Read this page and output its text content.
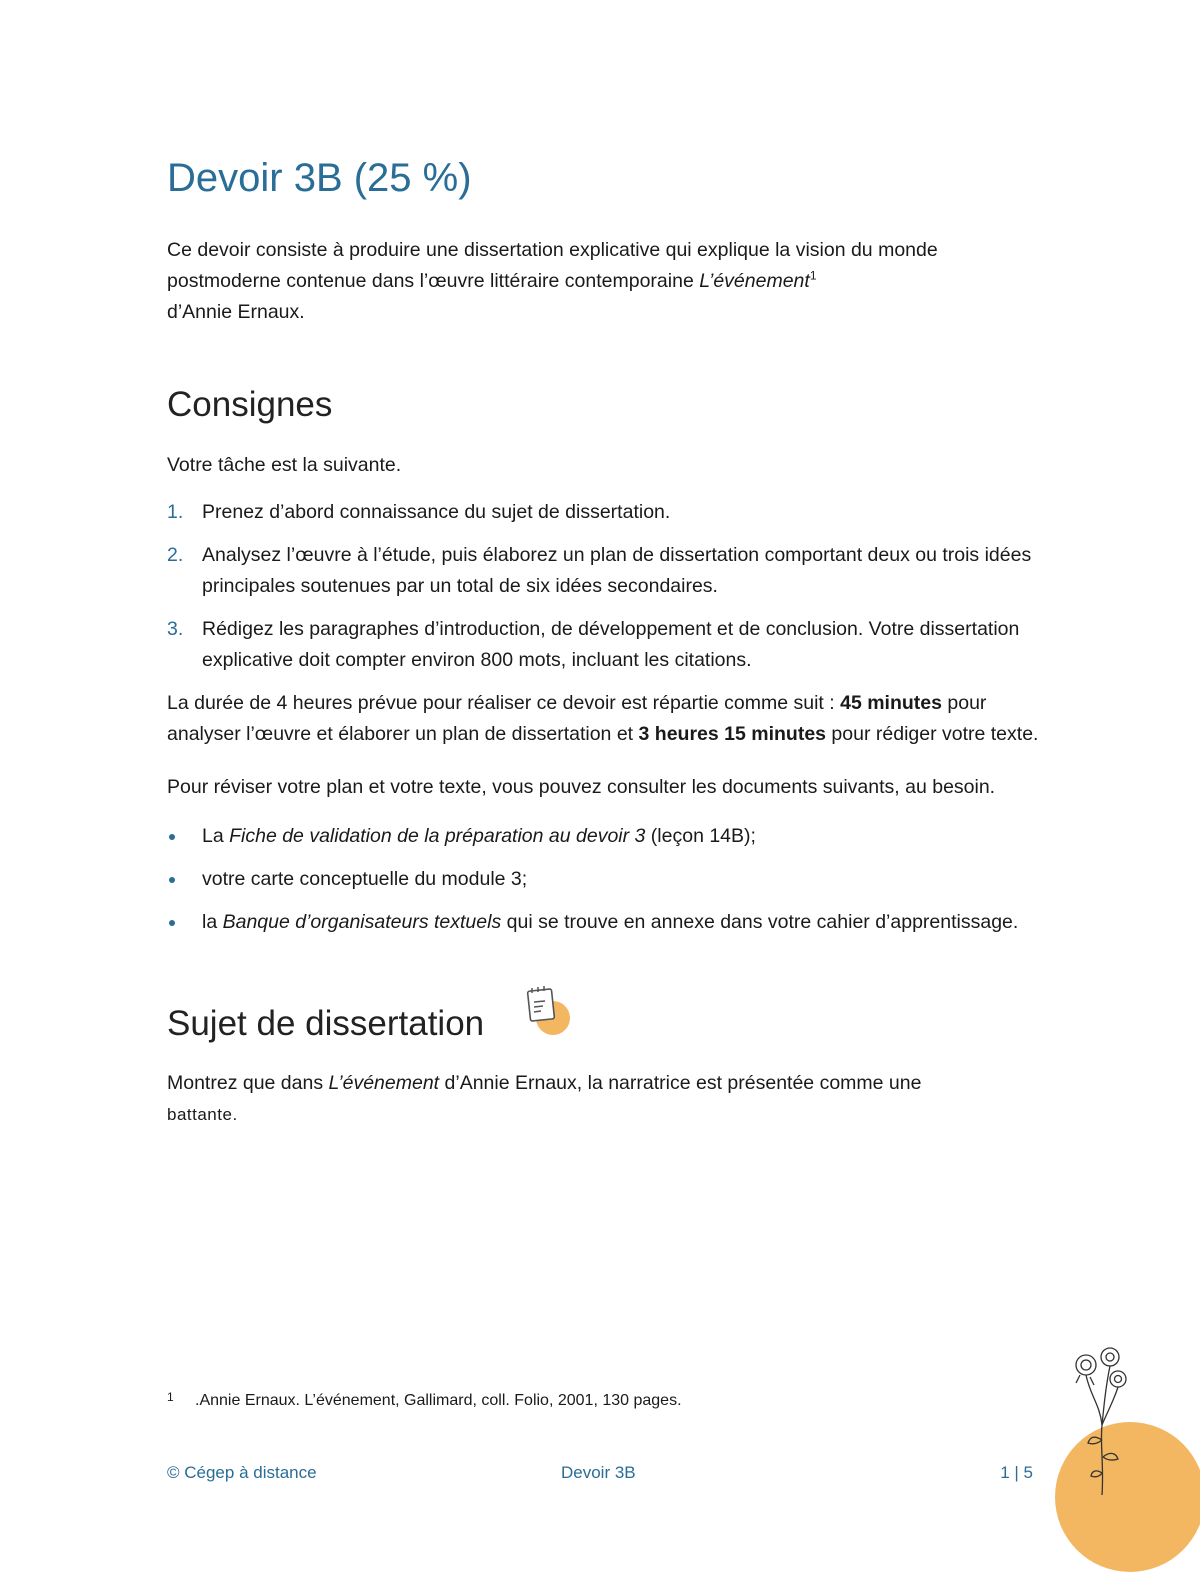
Devoir 3B (25 %)

Ce devoir consiste à produire une dissertation explicative qui explique la vision du monde postmoderne contenue dans l’œuvre littéraire contemporaine L’événement$^1$
d’Annie Ernaux.

Consignes

Votre tâche est la suivante.

1. Prenez d’abord connaissance du sujet de dissertation.
2. Analysez l’œuvre à l’étude, puis élaborez un plan de dissertation comportant deux ou trois idées principales soutenues par un total de six idées secondaires.
3. Rédigez les paragraphes d’introduction, de développement et de conclusion. Votre dissertation explicative doit compter environ 800 mots, incluant les citations.

La durée de 4 heures prévue pour réaliser ce devoir est répartie comme suit : 45 minutes pour analyser l’œuvre et élaborer un plan de dissertation et 3 heures 15 minutes pour rédiger votre texte.

Pour réviser votre plan et votre texte, vous pouvez consulter les documents suivants, au besoin.

La Fiche de validation de la préparation au devoir 3 (leçon 14B);
votre carte conceptuelle du module 3;
la Banque d’organisateurs textuels qui se trouve en annexe dans votre cahier d’apprentissage.
Sujet de dissertation

Montrez que dans L’événement d’Annie Ernaux, la narratrice est présentée comme une
battante.

1 .Annie Ernaux. L’événement, Gallimard, coll. Folio, 2001, 130 pages.
© Cégep à distance	Devoir 3B	1 | 5
